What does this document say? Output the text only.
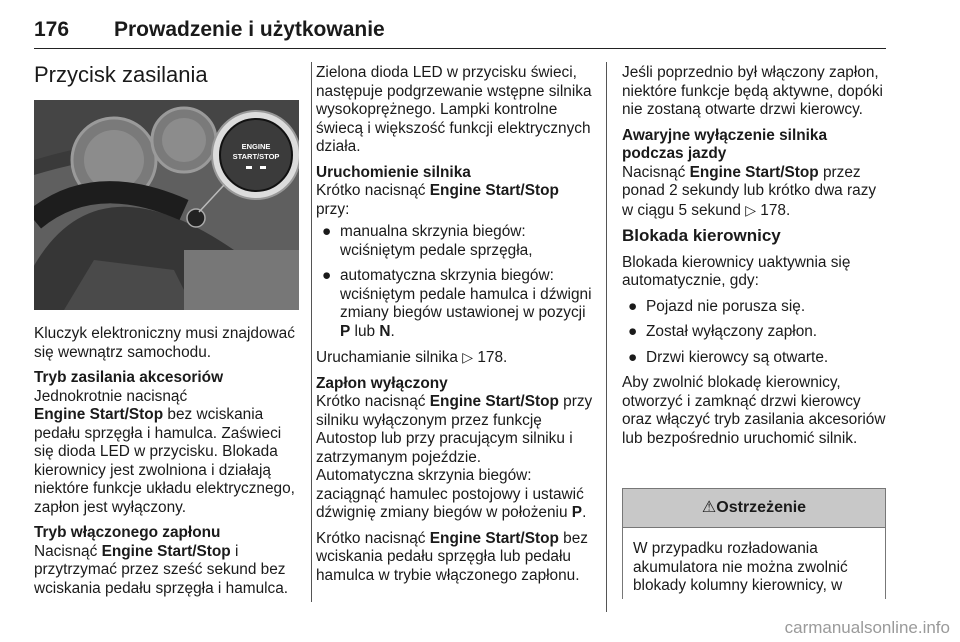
176 Prowadzenie i użytkowanie
Przycisk zasilania
ENGINE
START/STOP

Kluczyk elektroniczny musi znajdować się wewnątrz samochodu.

Tryb zasilania akcesoriów
Jednokrotnie nacisnąć
Engine Start/Stop bez wciskania pedału sprzęgła i hamulca. Zaświeci się dioda LED w przycisku. Blokada kierownicy jest zwolniona i działają niektóre funkcje układu elektrycznego, zapłon jest wyłączony.

Tryb włączonego zapłonu
Nacisnąć Engine Start/Stop i przytrzymać przez sześć sekund bez wciskania pedału sprzęgła i hamulca.

Zielona dioda LED w przycisku świeci, następuje podgrzewanie wstępne silnika wysokoprężnego. Lampki kontrolne świecą i większość funkcji elektrycznych działa.

Uruchomienie silnika
Krótko nacisnąć Engine Start/Stop przy:

● manualna skrzynia biegów: wciśniętym pedale sprzęgła,
● automatyczna skrzynia biegów: wciśniętym pedale hamulca i dźwigni zmiany biegów ustawionej w pozycji P lub N.

Uruchamianie silnika ▷ 178.

Zapłon wyłączony
Krótko nacisnąć Engine Start/Stop przy silniku wyłączonym przez funkcję Autostop lub przy pracującym silniku i zatrzymanym pojeździe.

Automatyczna skrzynia biegów: zaciągnąć hamulec postojowy i ustawić dźwignię zmiany biegów w położeniu P.

Krótko nacisnąć Engine Start/Stop bez wciskania pedału sprzęgła lub pedału hamulca w trybie włączonego zapłonu.

Jeśli poprzednio był włączony zapłon, niektóre funkcje będą aktywne, dopóki nie zostaną otwarte drzwi kierowcy.

Awaryjne wyłączenie silnika podczas jazdy
Nacisnąć Engine Start/Stop przez ponad 2 sekundy lub krótko dwa razy w ciągu 5 sekund ▷ 178.

Blokada kierownicy

Blokada kierownicy uaktywnia się automatycznie, gdy:

● Pojazd nie porusza się.
● Został wyłączony zapłon.
● Drzwi kierowcy są otwarte.

Aby zwolnić blokadę kierownicy, otworzyć i zamknąć drzwi kierowcy oraz włączyć tryb zasilania akcesoriów lub bezpośrednio uruchomić silnik.

⚠Ostrzeżenie
W przypadku rozładowania akumulatora nie można zwolnić blokady kolumny kierownicy, w
carmanualsonline.info
